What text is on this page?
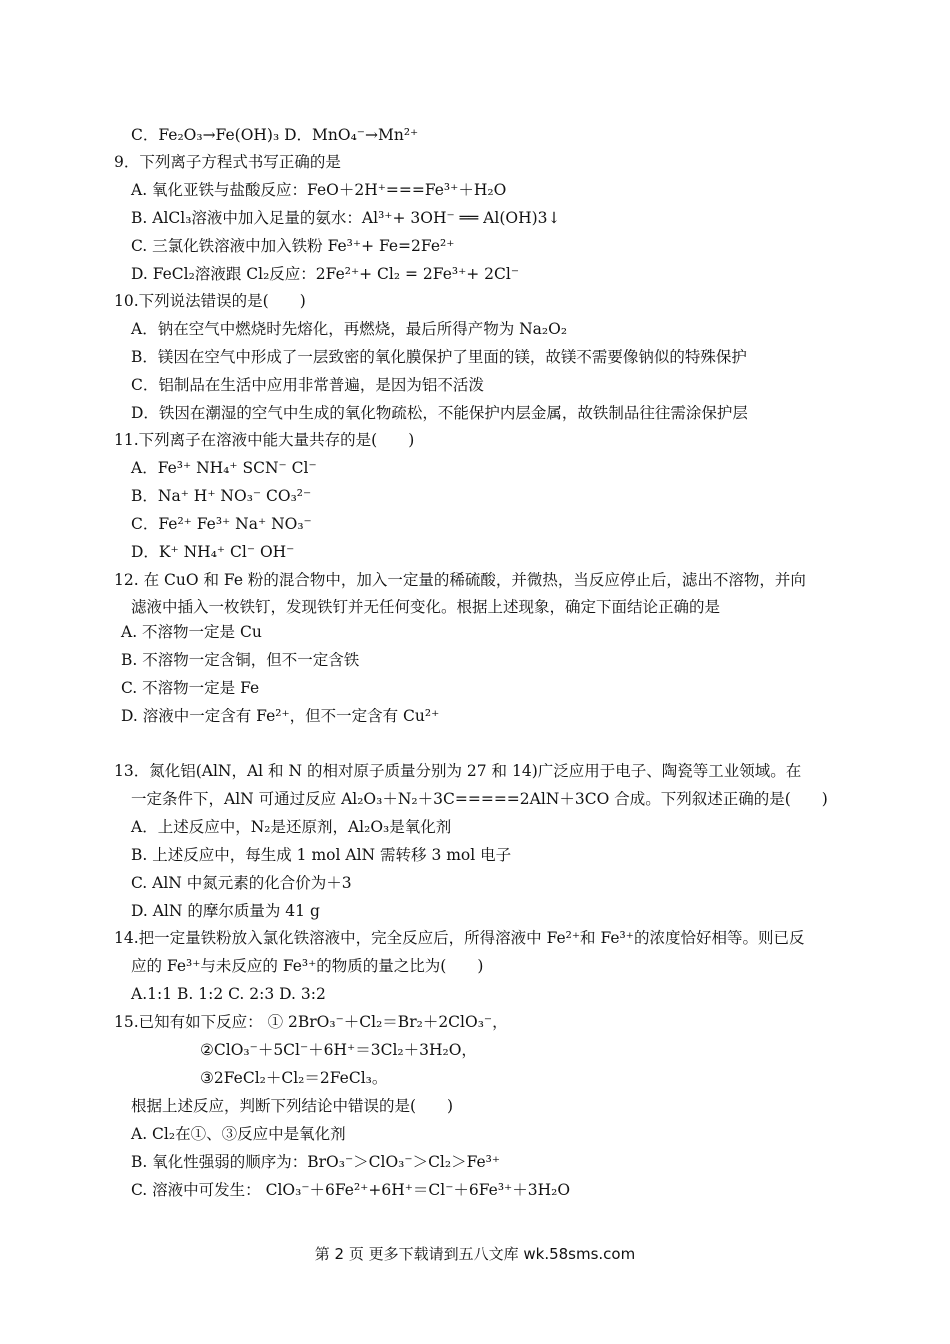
C．Fe₂O₃→Fe(OH)₃ D．MnO₄⁻→Mn²⁺
9．下列离子方程式书写正确的是
A. 氧化亚铁与盐酸反应：FeO＋2H⁺===Fe³⁺＋H₂O
B. AlCl₃溶液中加入足量的氨水：Al³⁺+ 3OH⁻ ══ Al(OH)3↓
C. 三氯化铁溶液中加入铁粉 Fe³⁺+ Fe=2Fe²⁺
D. FeCl₂溶液跟 Cl₂反应：2Fe²⁺+ Cl₂ = 2Fe³⁺+ 2Cl⁻
10.下列说法错误的是(　　)
A．钠在空气中燃烧时先熔化，再燃烧，最后所得产物为 Na₂O₂
B．镁因在空气中形成了一层致密的氧化膜保护了里面的镁，故镁不需要像钠似的特殊保护
C．铝制品在生活中应用非常普遍，是因为铝不活泼
D．铁因在潮湿的空气中生成的氧化物疏松，不能保护内层金属，故铁制品往往需涂保护层
11.下列离子在溶液中能大量共存的是(　　)
A．Fe³⁺ NH₄⁺ SCN⁻ Cl⁻
B．Na⁺ H⁺ NO₃⁻ CO₃²⁻
C．Fe²⁺ Fe³⁺ Na⁺ NO₃⁻
D．K⁺ NH₄⁺ Cl⁻ OH⁻
12. 在 CuO 和 Fe 粉的混合物中，加入一定量的稀硫酸，并微热，当反应停止后，滤出不溶物，并向
滤液中插入一枚铁钉，发现铁钉并无任何变化。根据上述现象，确定下面结论正确的是
A. 不溶物一定是 Cu
B. 不溶物一定含铜，但不一定含铁
C. 不溶物一定是 Fe
D. 溶液中一定含有 Fe²⁺，但不一定含有 Cu²⁺
13．氮化铝(AlN，Al 和 N 的相对原子质量分别为 27 和 14)广泛应用于电子、陶瓷等工业领域。在
一定条件下，AlN 可通过反应 Al₂O₃＋N₂＋3C=====2AlN＋3CO 合成。下列叙述正确的是(　　)
A．上述反应中，N₂是还原剂，Al₂O₃是氧化剂
B. 上述反应中，每生成 1 mol AlN 需转移 3 mol 电子
C. AlN 中氮元素的化合价为＋3
D. AlN 的摩尔质量为 41 g
14.把一定量铁粉放入氯化铁溶液中，完全反应后，所得溶液中 Fe²⁺和 Fe³⁺的浓度恰好相等。则已反
应的 Fe³⁺与未反应的 Fe³⁺的物质的量之比为(　　)
A.1:1 B. 1:2 C. 2:3 D. 3:2
15.已知有如下反应： ① 2BrO₃⁻＋Cl₂＝Br₂＋2ClO₃⁻，
②ClO₃⁻＋5Cl⁻＋6H⁺＝3Cl₂＋3H₂O，
③2FeCl₂＋Cl₂＝2FeCl₃。
根据上述反应，判断下列结论中错误的是(　　)
A. Cl₂在①、③反应中是氧化剂
B. 氧化性强弱的顺序为：BrO₃⁻＞ClO₃⁻＞Cl₂＞Fe³⁺
C. 溶液中可发生： ClO₃⁻＋6Fe²⁺+6H⁺＝Cl⁻＋6Fe³⁺＋3H₂O
第 2 页 更多下载请到五八文库 wk.58sms.com
